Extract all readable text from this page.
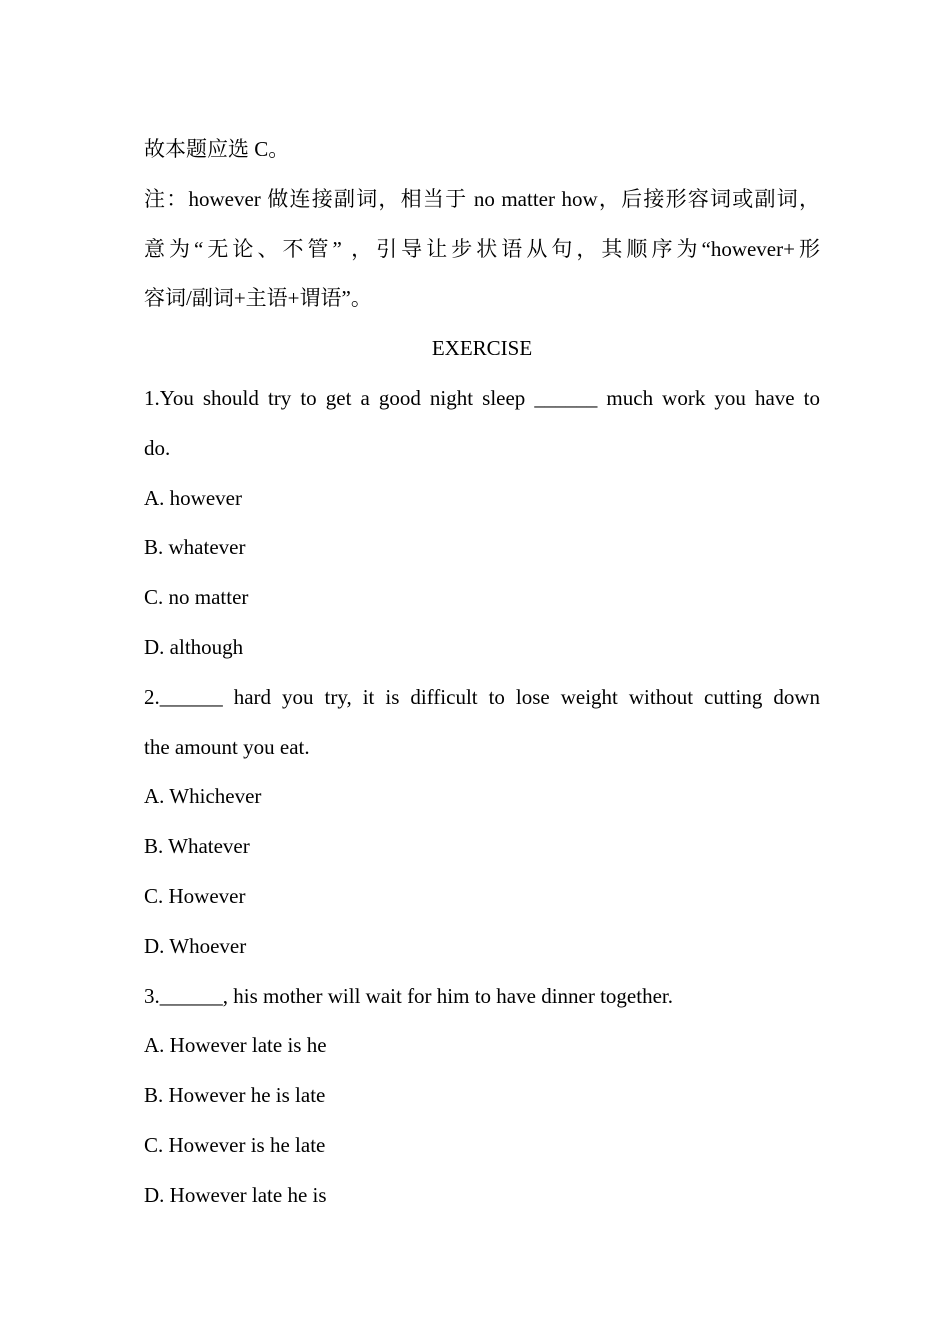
故本题应选 C。
注：however 做连接副词，相当于 no matter how，后接形容词或副词，
意为“无论、不管” ，引导让步状语从句，其顺序为“however+形
容词/副词+主语+谓语”。
EXERCISE
1.You should try to get a good night sleep ______ much work you have to
do.
A. however
B. whatever
C. no matter
D. although
2.______ hard you try, it is difficult to lose weight without cutting down
the amount you eat.
A. Whichever
B. Whatever
C. However
D. Whoever
3.______, his mother will wait for him to have dinner together.
A. However late is he
B. However he is late
C. However is he late
D. However late he is
